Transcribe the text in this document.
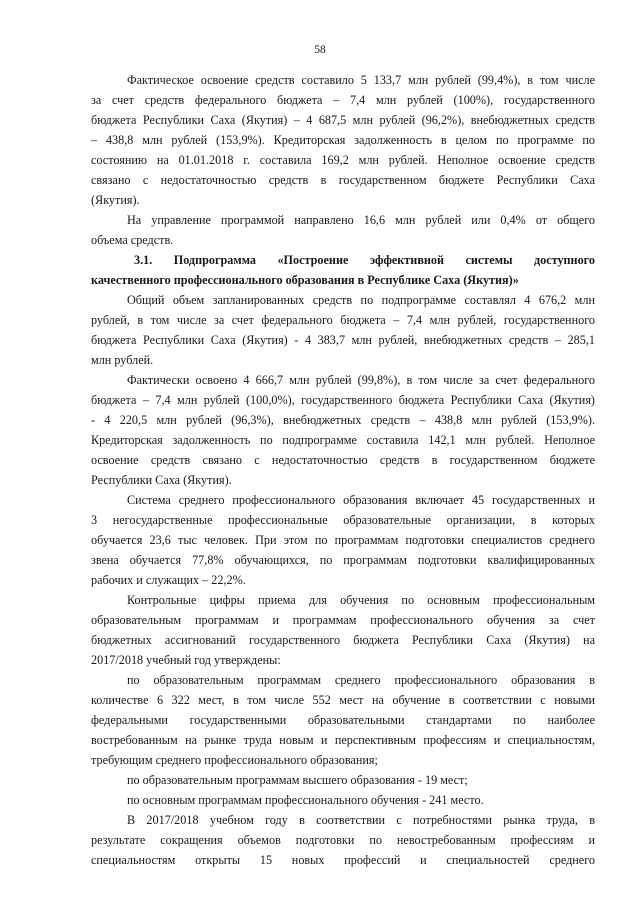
58
Фактическое освоение средств составило 5 133,7 млн рублей (99,4%), в том числе
за счет средств федерального бюджета – 7,4 млн рублей (100%), государственного
бюджета Республики Саха (Якутия) – 4 687,5 млн рублей (96,2%), внебюджетных средств
– 438,8 млн рублей (153,9%). Кредиторская задолженность в целом по программе по
состоянию на 01.01.2018 г. составила 169,2 млн рублей. Неполное освоение средств
связано с недостаточностью средств в государственном бюджете Республики Саха
(Якутия).
На управление программой направлено 16,6 млн рублей или 0,4% от общего
объема средств.
3.1. Подпрограмма «Построение эффективной системы доступного
качественного профессионального образования в Республике Саха (Якутия)»
Общий объем запланированных средств по подпрограмме составлял 4 676,2 млн
рублей, в том числе за счет федерального бюджета – 7,4 млн рублей, государственного
бюджета Республики Саха (Якутия) - 4 383,7 млн рублей, внебюджетных средств – 285,1
млн рублей.
Фактически освоено 4 666,7 млн рублей (99,8%), в том числе за счет федерального
бюджета – 7,4 млн рублей (100,0%), государственного бюджета Республики Саха (Якутия)
- 4 220,5 млн рублей (96,3%), внебюджетных средств – 438,8 млн рублей (153,9%).
Кредиторская задолженность по подпрограмме составила 142,1 млн рублей. Неполное
освоение средств связано с недостаточностью средств в государственном бюджете
Республики Саха (Якутия).
Система среднего профессионального образования включает 45 государственных и
3 негосударственные профессиональные образовательные организации, в которых
обучается 23,6 тыс человек. При этом по программам подготовки специалистов среднего
звена обучается 77,8% обучающихся, по программам подготовки квалифицированных
рабочих и служащих – 22,2%.
Контрольные цифры приема для обучения по основным профессиональным
образовательным программам и программам профессионального обучения за счет
бюджетных ассигнований государственного бюджета Республики Саха (Якутия) на
2017/2018 учебный год утверждены:
по образовательным программам среднего профессионального образования в
количестве 6 322 мест, в том числе 552 мест на обучение в соответствии с новыми
федеральными государственными образовательными стандартами по наиболее
востребованным на рынке труда новым и перспективным профессиям и специальностям,
требующим среднего профессионального образования;
по образовательным программам высшего образования - 19 мест;
по основным программам профессионального обучения - 241 место.
В 2017/2018 учебном году в соответствии с потребностями рынка труда, в
результате сокращения объемов подготовки по невостребованным профессиям и
специальностям открыты 15 новых профессий и специальностей среднего
